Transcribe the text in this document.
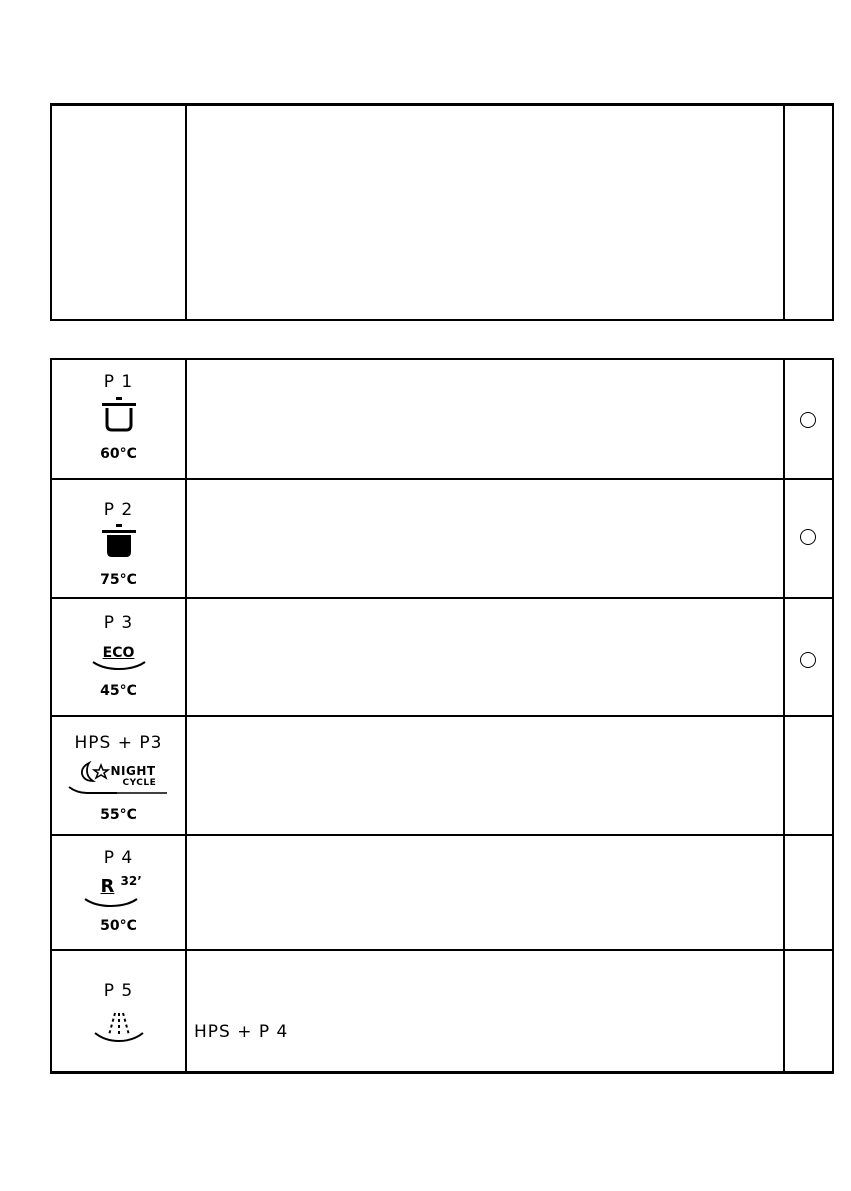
P 1
60°C
P 2
75°C
P 3
ECO
45°C
HPS + P3
NIGHT
CYCLE
55°C
P 4
R 32’
50°C
P 5
HPS + P 4
